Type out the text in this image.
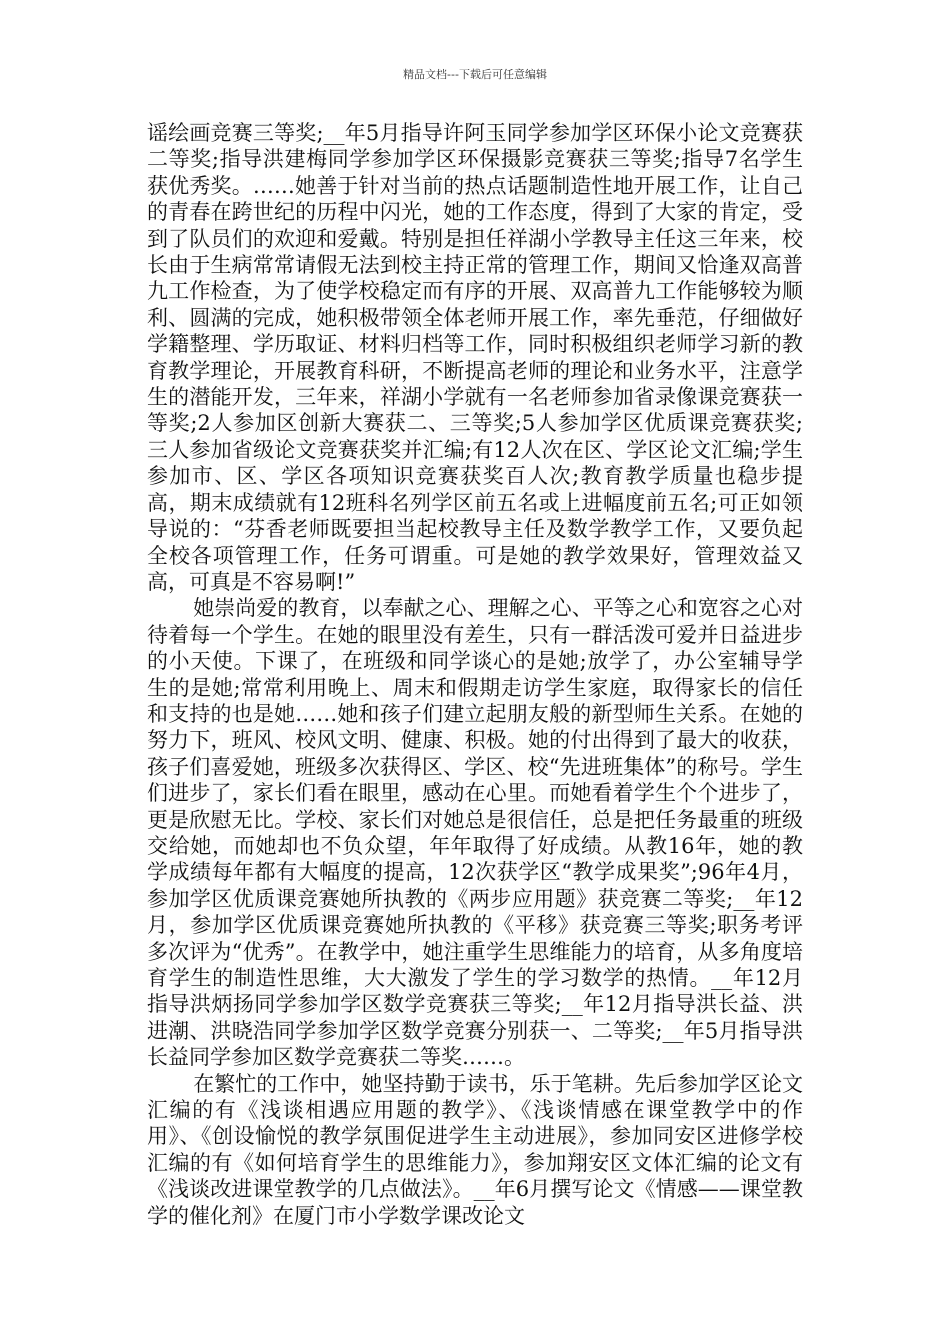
精品文档---下载后可任意编辑

谣绘画竞赛三等奖;__年5月指导许阿玉同学参加学区环保小论文竞赛获二等奖;指导洪建梅同学参加学区环保摄影竞赛获三等奖;指导7名学生获优秀奖。……她善于针对当前的热点话题制造性地开展工作，让自己的青春在跨世纪的历程中闪光，她的工作态度，得到了大家的肯定，受到了队员们的欢迎和爱戴。特别是担任祥湖小学教导主任这三年来，校长由于生病常常请假无法到校主持正常的管理工作，期间又恰逢双高普九工作检查，为了使学校稳定而有序的开展、双高普九工作能够较为顺利、圆满的完成，她积极带领全体老师开展工作，率先垂范，仔细做好学籍整理、学历取证、材料归档等工作，同时积极组织老师学习新的教育教学理论，开展教育科研，不断提高老师的理论和业务水平，注意学生的潜能开发，三年来，祥湖小学就有一名老师参加省录像课竞赛获一等奖;2人参加区创新大赛获二、三等奖;5人参加学区优质课竞赛获奖;三人参加省级论文竞赛获奖并汇编;有12人次在区、学区论文汇编;学生参加市、区、学区各项知识竞赛获奖百人次;教育教学质量也稳步提高，期末成绩就有12班科名列学区前五名或上进幅度前五名;可正如领导说的：“芬香老师既要担当起校教导主任及数学教学工作，又要负起全校各项管理工作，任务可谓重。可是她的教学效果好，管理效益又高，可真是不容易啊!”

她崇尚爱的教育，以奉献之心、理解之心、平等之心和宽容之心对待着每一个学生。在她的眼里没有差生，只有一群活泼可爱并日益进步的小天使。下课了，在班级和同学谈心的是她;放学了，办公室辅导学生的是她;常常利用晚上、周末和假期走访学生家庭，取得家长的信任和支持的也是她……她和孩子们建立起朋友般的新型师生关系。在她的努力下，班风、校风文明、健康、积极。她的付出得到了最大的收获，孩子们喜爱她，班级多次获得区、学区、校“先进班集体”的称号。学生们进步了，家长们看在眼里，感动在心里。而她看着学生个个进步了，更是欣慰无比。学校、家长们对她总是很信任，总是把任务最重的班级交给她，而她却也不负众望，年年取得了好成绩。从教16年，她的教学成绩每年都有大幅度的提高，12次获学区“教学成果奖”;96年4月，参加学区优质课竞赛她所执教的《两步应用题》获竞赛二等奖;__年12月，参加学区优质课竞赛她所执教的《平移》获竞赛三等奖;职务考评多次评为“优秀”。在教学中，她注重学生思维能力的培育，从多角度培育学生的制造性思维，大大激发了学生的学习数学的热情。__年12月指导洪炳扬同学参加学区数学竞赛获三等奖;__年12月指导洪长益、洪进潮、洪晓浩同学参加学区数学竞赛分别获一、二等奖;__年5月指导洪长益同学参加区数学竞赛获二等奖……。

在繁忙的工作中，她坚持勤于读书，乐于笔耕。先后参加学区论文汇编的有《浅谈相遇应用题的教学》、《浅谈情感在课堂教学中的作用》、《创设愉悦的教学氛围促进学生主动进展》，参加同安区进修学校汇编的有《如何培育学生的思维能力》，参加翔安区文体汇编的论文有《浅谈改进课堂教学的几点做法》。__年6月撰写论文《情感——课堂教学的催化剂》在厦门市小学数学课改论文
